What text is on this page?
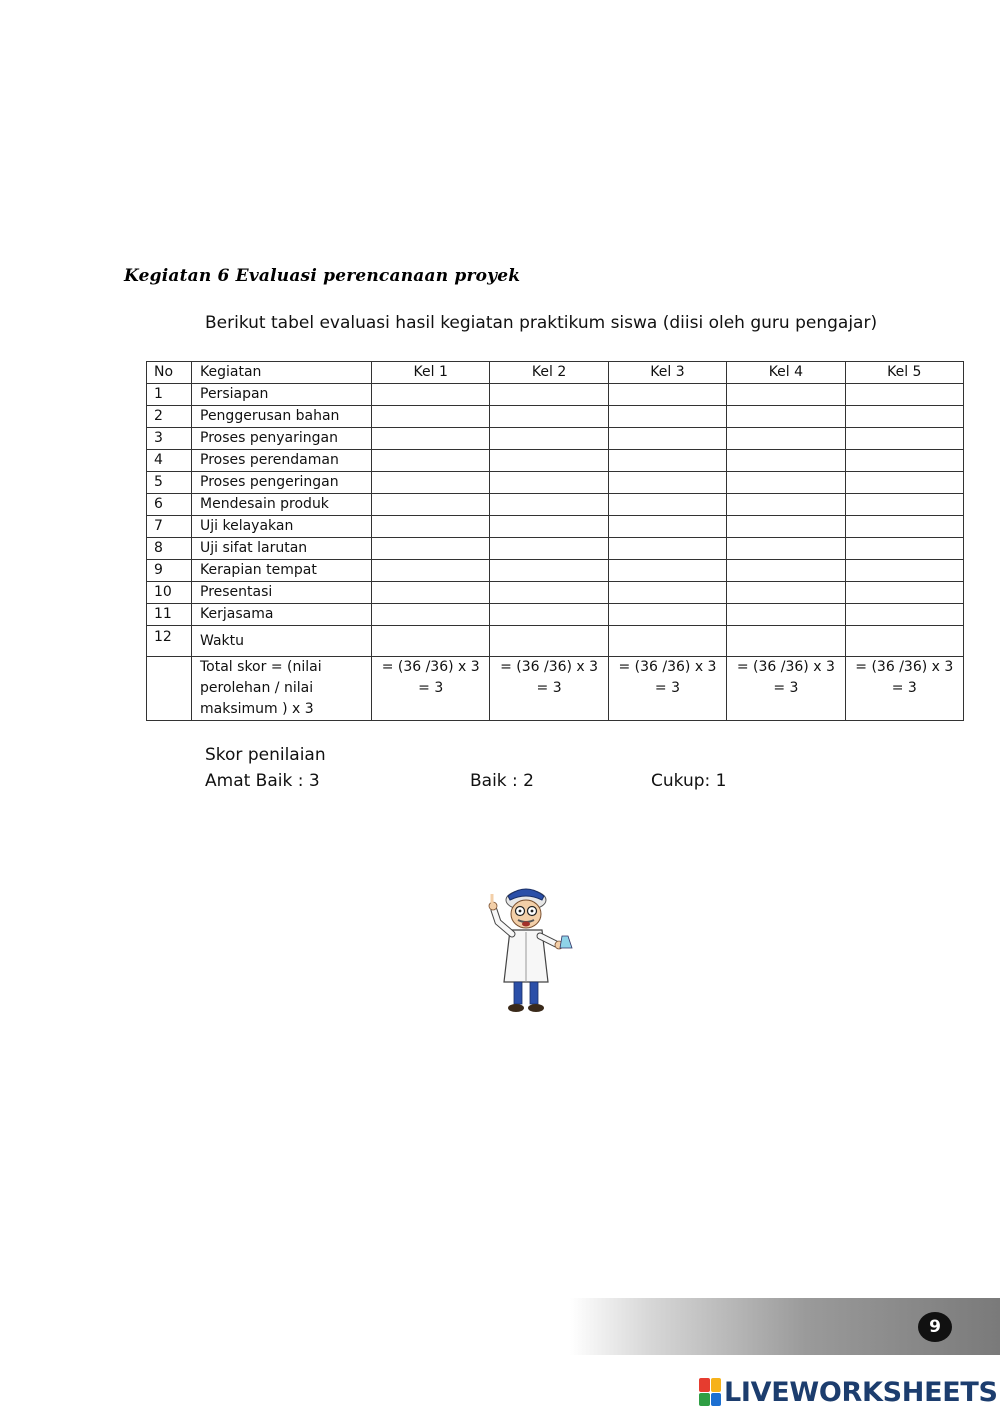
Kegiatan 6 Evaluasi perencanaan proyek
Berikut tabel evaluasi hasil kegiatan praktikum siswa (diisi oleh guru pengajar)
No	Kegiatan	Kel 1	Kel 2	Kel 3	Kel 4	Kel 5
1	Persiapan					
2	Penggerusan bahan					
3	Proses penyaringan					
4	Proses perendaman					
5	Proses pengeringan					
6	Mendesain produk					
7	Uji kelayakan					
8	Uji sifat larutan					
9	Kerapian tempat					
10	Presentasi					
11	Kerjasama					
12	Waktu					
	Total skor = (nilai perolehan / nilai maksimum ) x 3	= (36 /36) x 3 = 3	= (36 /36) x 3 = 3	= (36 /36) x 3 = 3	= (36 /36) x 3 = 3	= (36 /36) x 3 = 3
Skor penilaian
Amat Baik : 3	Baik : 2	Cukup: 1
9
LIVEWORKSHEETS
